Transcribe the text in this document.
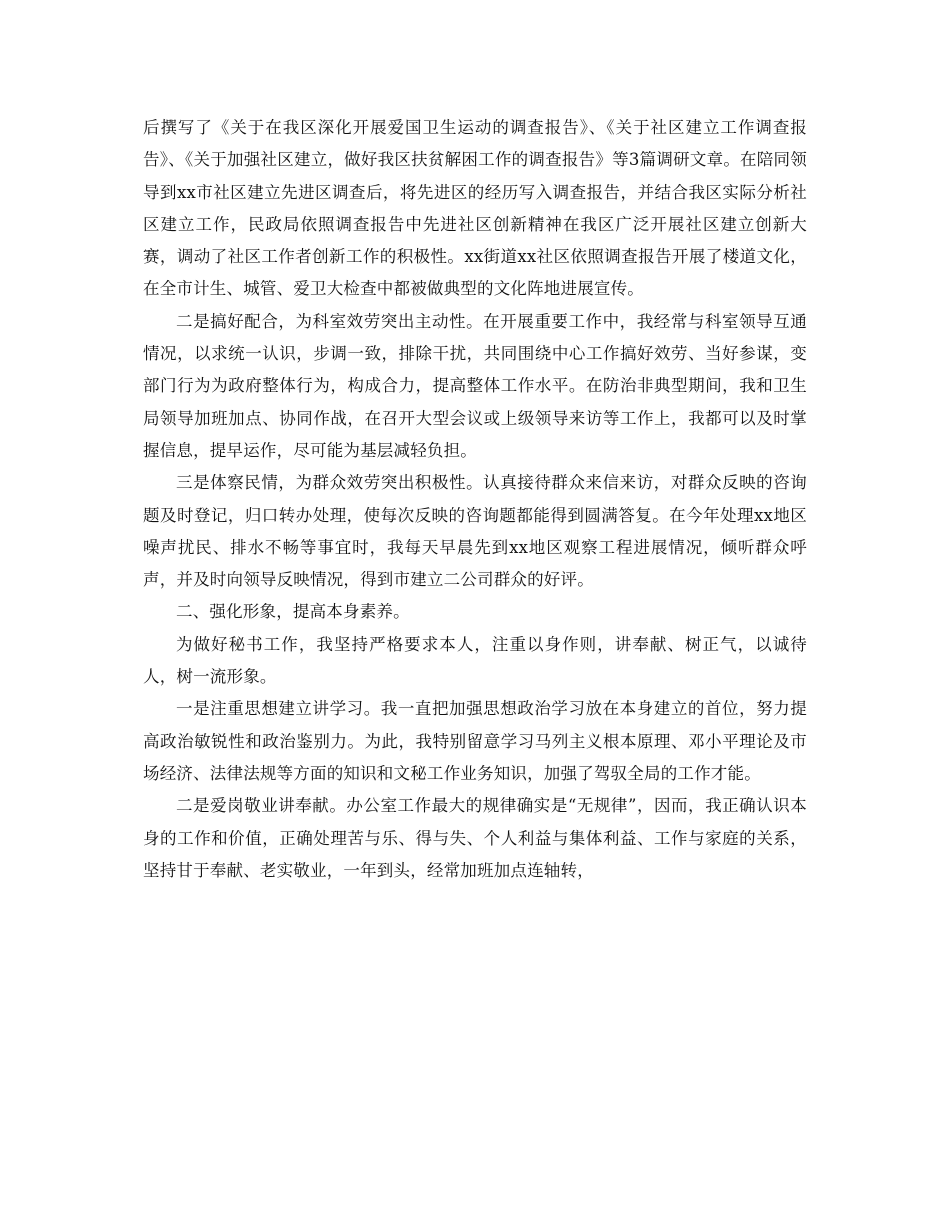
后撰写了《关于在我区深化开展爱国卫生运动的调查报告》、《关于社区建立工作调查报告》、《关于加强社区建立，做好我区扶贫解困工作的调查报告》等3篇调研文章。在陪同领导到xx市社区建立先进区调查后，将先进区的经历写入调查报告，并结合我区实际分析社区建立工作，民政局依照调查报告中先进社区创新精神在我区广泛开展社区建立创新大赛，调动了社区工作者创新工作的积极性。xx街道xx社区依照调查报告开展了楼道文化，在全市计生、城管、爱卫大检查中都被做典型的文化阵地进展宣传。

二是搞好配合，为科室效劳突出主动性。在开展重要工作中，我经常与科室领导互通情况，以求统一认识，步调一致，排除干扰，共同围绕中心工作搞好效劳、当好参谋，变部门行为为政府整体行为，构成合力，提高整体工作水平。在防治非典型期间，我和卫生局领导加班加点、协同作战，在召开大型会议或上级领导来访等工作上，我都可以及时掌握信息，提早运作，尽可能为基层减轻负担。

三是体察民情，为群众效劳突出积极性。认真接待群众来信来访，对群众反映的咨询题及时登记，归口转办处理，使每次反映的咨询题都能得到圆满答复。在今年处理xx地区噪声扰民、排水不畅等事宜时，我每天早晨先到xx地区观察工程进展情况，倾听群众呼声，并及时向领导反映情况，得到市建立二公司群众的好评。

二、强化形象，提高本身素养。

为做好秘书工作，我坚持严格要求本人，注重以身作则，讲奉献、树正气，以诚待人，树一流形象。

一是注重思想建立讲学习。我一直把加强思想政治学习放在本身建立的首位，努力提高政治敏锐性和政治鉴别力。为此，我特别留意学习马列主义根本原理、邓小平理论及市场经济、法律法规等方面的知识和文秘工作业务知识，加强了驾驭全局的工作才能。

二是爱岗敬业讲奉献。办公室工作最大的规律确实是“无规律”，因而，我正确认识本身的工作和价值，正确处理苦与乐、得与失、个人利益与集体利益、工作与家庭的关系，坚持甘于奉献、老实敬业，一年到头，经常加班加点连轴转，
